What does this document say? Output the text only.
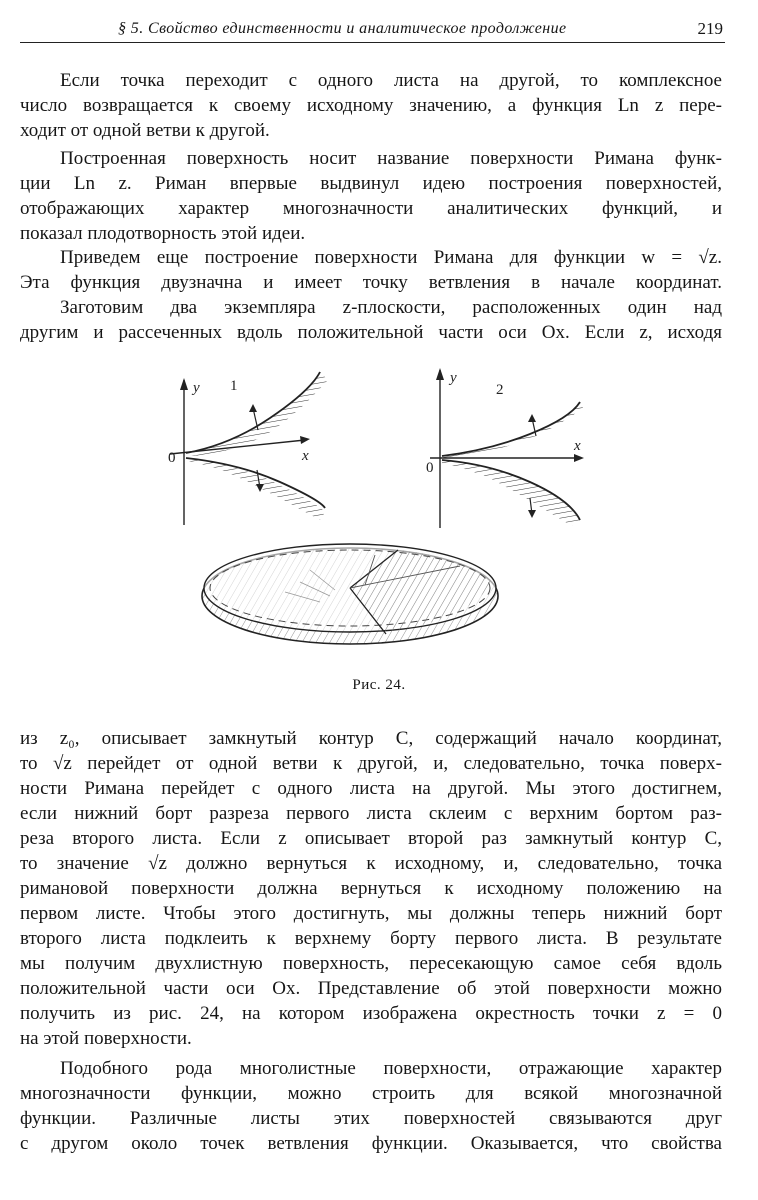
§ 5. Свойство единственности и аналитическое продолжение	219

Если точка переходит с одного листа на другой, то комплексное
число возвращается к своему исходному значению, а функция Ln z пере-
ходит от одной ветви к другой.

Построенная поверхность носит название поверхности Римана функ-
ции Ln z. Риман впервые выдвинул идею построения поверхностей,
отображающих характер многозначности аналитических функций, и
показал плодотворность этой идеи.

Приведем еще построение поверхности Римана для функции w = √z.
Эта функция двузначна и имеет точку ветвления в начале координат.

Заготовим два экземпляра z-плоскости, расположенных один над
другим и рассеченных вдоль положительной части оси Ox. Если z, исходя

y
x
0
1	y
x
0
2
Рис. 24.

из z₀, описывает замкнутый контур C, содержащий начало координат,
то √z перейдет от одной ветви к другой, и, следовательно, точка поверх-
ности Римана перейдет с одного листа на другой. Мы этого достигнем,
если нижний борт разреза первого листа склеим с верхним бортом раз-
реза второго листа. Если z описывает второй раз замкнутый контур C,
то значение √z должно вернуться к исходному, и, следовательно, точка
римановой поверхности должна вернуться к исходному положению на
первом листе. Чтобы этого достигнуть, мы должны теперь нижний борт
второго листа подклеить к верхнему борту первого листа. В результате
мы получим двухлистную поверхность, пересекающую самое себя вдоль
положительной части оси Ox. Представление об этой поверхности можно
получить из рис. 24, на котором изображена окрестность точки z = 0
на этой поверхности.

Подобного рода многолистные поверхности, отражающие характер
многозначности функции, можно строить для всякой многозначной
функции. Различные листы этих поверхностей связываются друг
с другом около точек ветвления функции. Оказывается, что свойства
